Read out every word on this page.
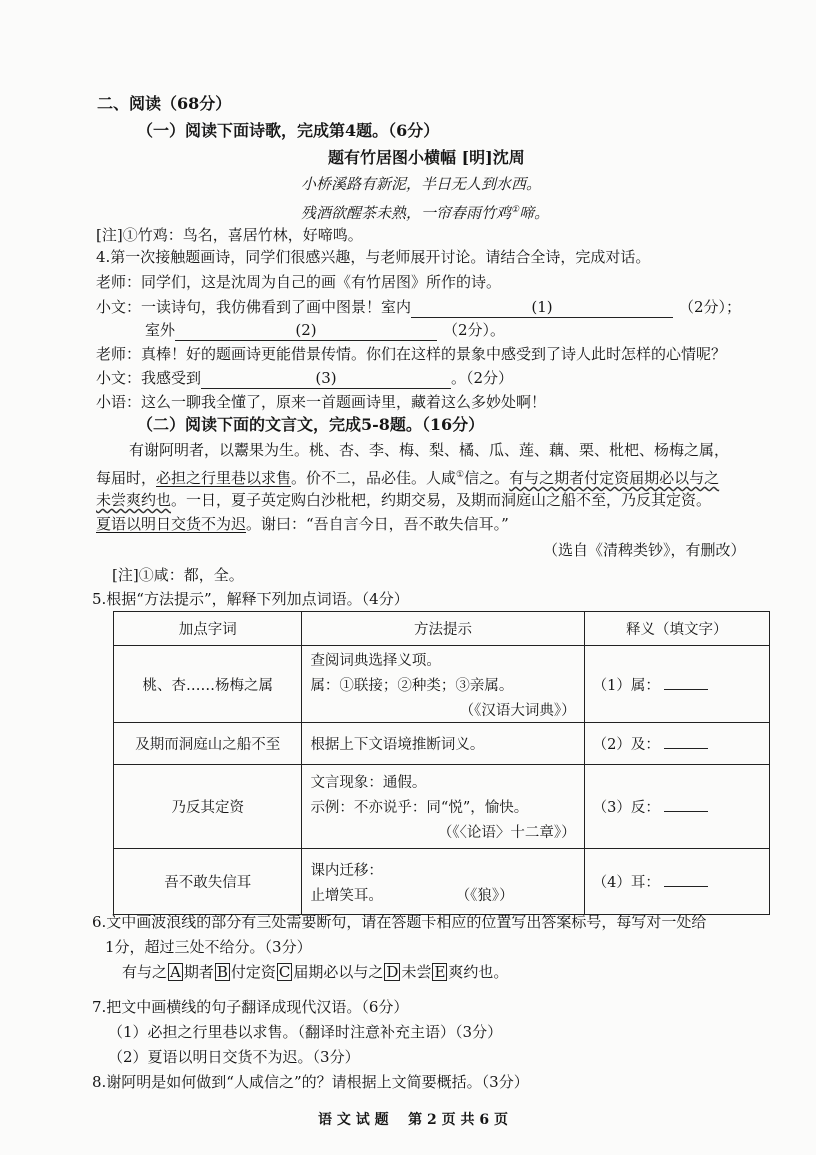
二、阅读（68分）
（一）阅读下面诗歌，完成第4题。（6分）
题有竹居图小横幅 [明]沈周
小桥溪路有新泥，半日无人到水西。
残酒欲醒茶未熟，一帘春雨竹鸡①啼。
[注]①竹鸡：鸟名，喜居竹林，好啼鸣。
4.第一次接触题画诗，同学们很感兴趣，与老师展开讨论。请结合全诗，完成对话。
老师：同学们，这是沈周为自己的画《有竹居图》所作的诗。
小文：一读诗句，我仿佛看到了画中图景！室内	(1)	（2分）；
室外	(2)	（2分）。
老师：真棒！好的题画诗更能借景传情。你们在这样的景象中感受到了诗人此时怎样的心情呢？
小文：我感受到	(3)	。（2分）
小语：这么一聊我全懂了，原来一首题画诗里，藏着这么多妙处啊！
（二）阅读下面的文言文，完成5-8题。（16分）
有谢阿明者，以鬻果为生。桃、杏、李、梅、梨、橘、瓜、莲、藕、栗、枇杷、杨梅之属，
每届时，必担之行里巷以求售。价不二，品必佳。人咸①信之。有与之期者付定资届期必以与之
未尝爽约也。一日，夏子英定购白沙枇杷，约期交易，及期而洞庭山之船不至，乃反其定资。
夏语以明日交货不为迟。谢曰：“吾自言今日，吾不敢失信耳。”
（选自《清稗类钞》，有删改）
[注]①咸：都，全。
5.根据“方法提示”，解释下列加点词语。（4分）
加点字词	方法提示	释义（填文字）
桃、杏……杨梅之属	查阅词典选择义项。
属：①联接；②种类；③亲属。
（《汉语大词典》）	（1）属：
及期而洞庭山之船不至	根据上下文语境推断词义。	（2）及：
乃反其定资	文言现象：通假。
示例：不亦说乎：同“悦”，愉快。
（《〈论语〉十二章》）	（3）反：
吾不敢失信耳	课内迁移：
止增笑耳。 （《狼》）	（4）耳：
6.文中画波浪线的部分有三处需要断句，请在答题卡相应的位置写出答案标号，每写对一处给
1分，超过三处不给分。（3分）
有与之 A 期者 B 付定资 C 届期必以与之 D 未尝 E 爽约也。
7.把文中画横线的句子翻译成现代汉语。（6分）
（1）必担之行里巷以求售。（翻译时注意补充主语）（3分）
（2）夏语以明日交货不为迟。（3分）
8.谢阿明是如何做到“人咸信之”的？请根据上文简要概括。（3分）
语 文 试 题    第 2 页 共 6 页
